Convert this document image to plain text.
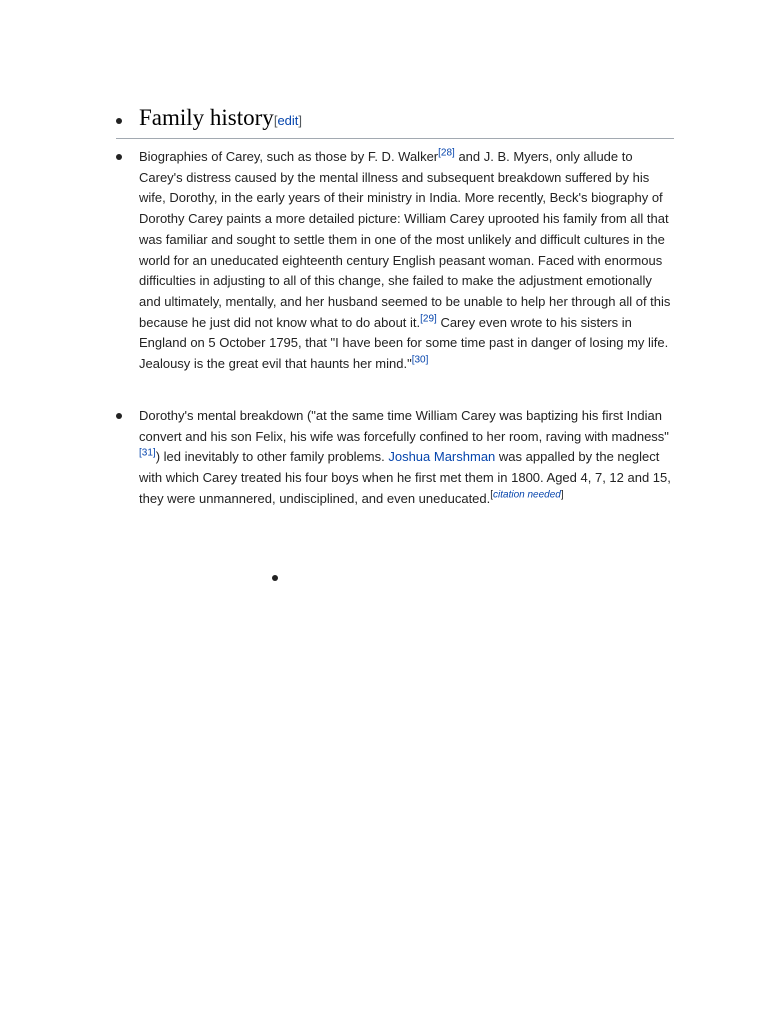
Family history[edit]
Biographies of Carey, such as those by F. D. Walker[28] and J. B. Myers, only allude to Carey's distress caused by the mental illness and subsequent breakdown suffered by his wife, Dorothy, in the early years of their ministry in India. More recently, Beck's biography of Dorothy Carey paints a more detailed picture: William Carey uprooted his family from all that was familiar and sought to settle them in one of the most unlikely and difficult cultures in the world for an uneducated eighteenth century English peasant woman. Faced with enormous difficulties in adjusting to all of this change, she failed to make the adjustment emotionally and ultimately, mentally, and her husband seemed to be unable to help her through all of this because he just did not know what to do about it.[29] Carey even wrote to his sisters in England on 5 October 1795, that "I have been for some time past in danger of losing my life. Jealousy is the great evil that haunts her mind."[30]
Dorothy's mental breakdown ("at the same time William Carey was baptizing his first Indian convert and his son Felix, his wife was forcefully confined to her room, raving with madness"[31]) led inevitably to other family problems. Joshua Marshman was appalled by the neglect with which Carey treated his four boys when he first met them in 1800. Aged 4, 7, 12 and 15, they were unmannered, undisciplined, and even uneducated.[citation needed]
